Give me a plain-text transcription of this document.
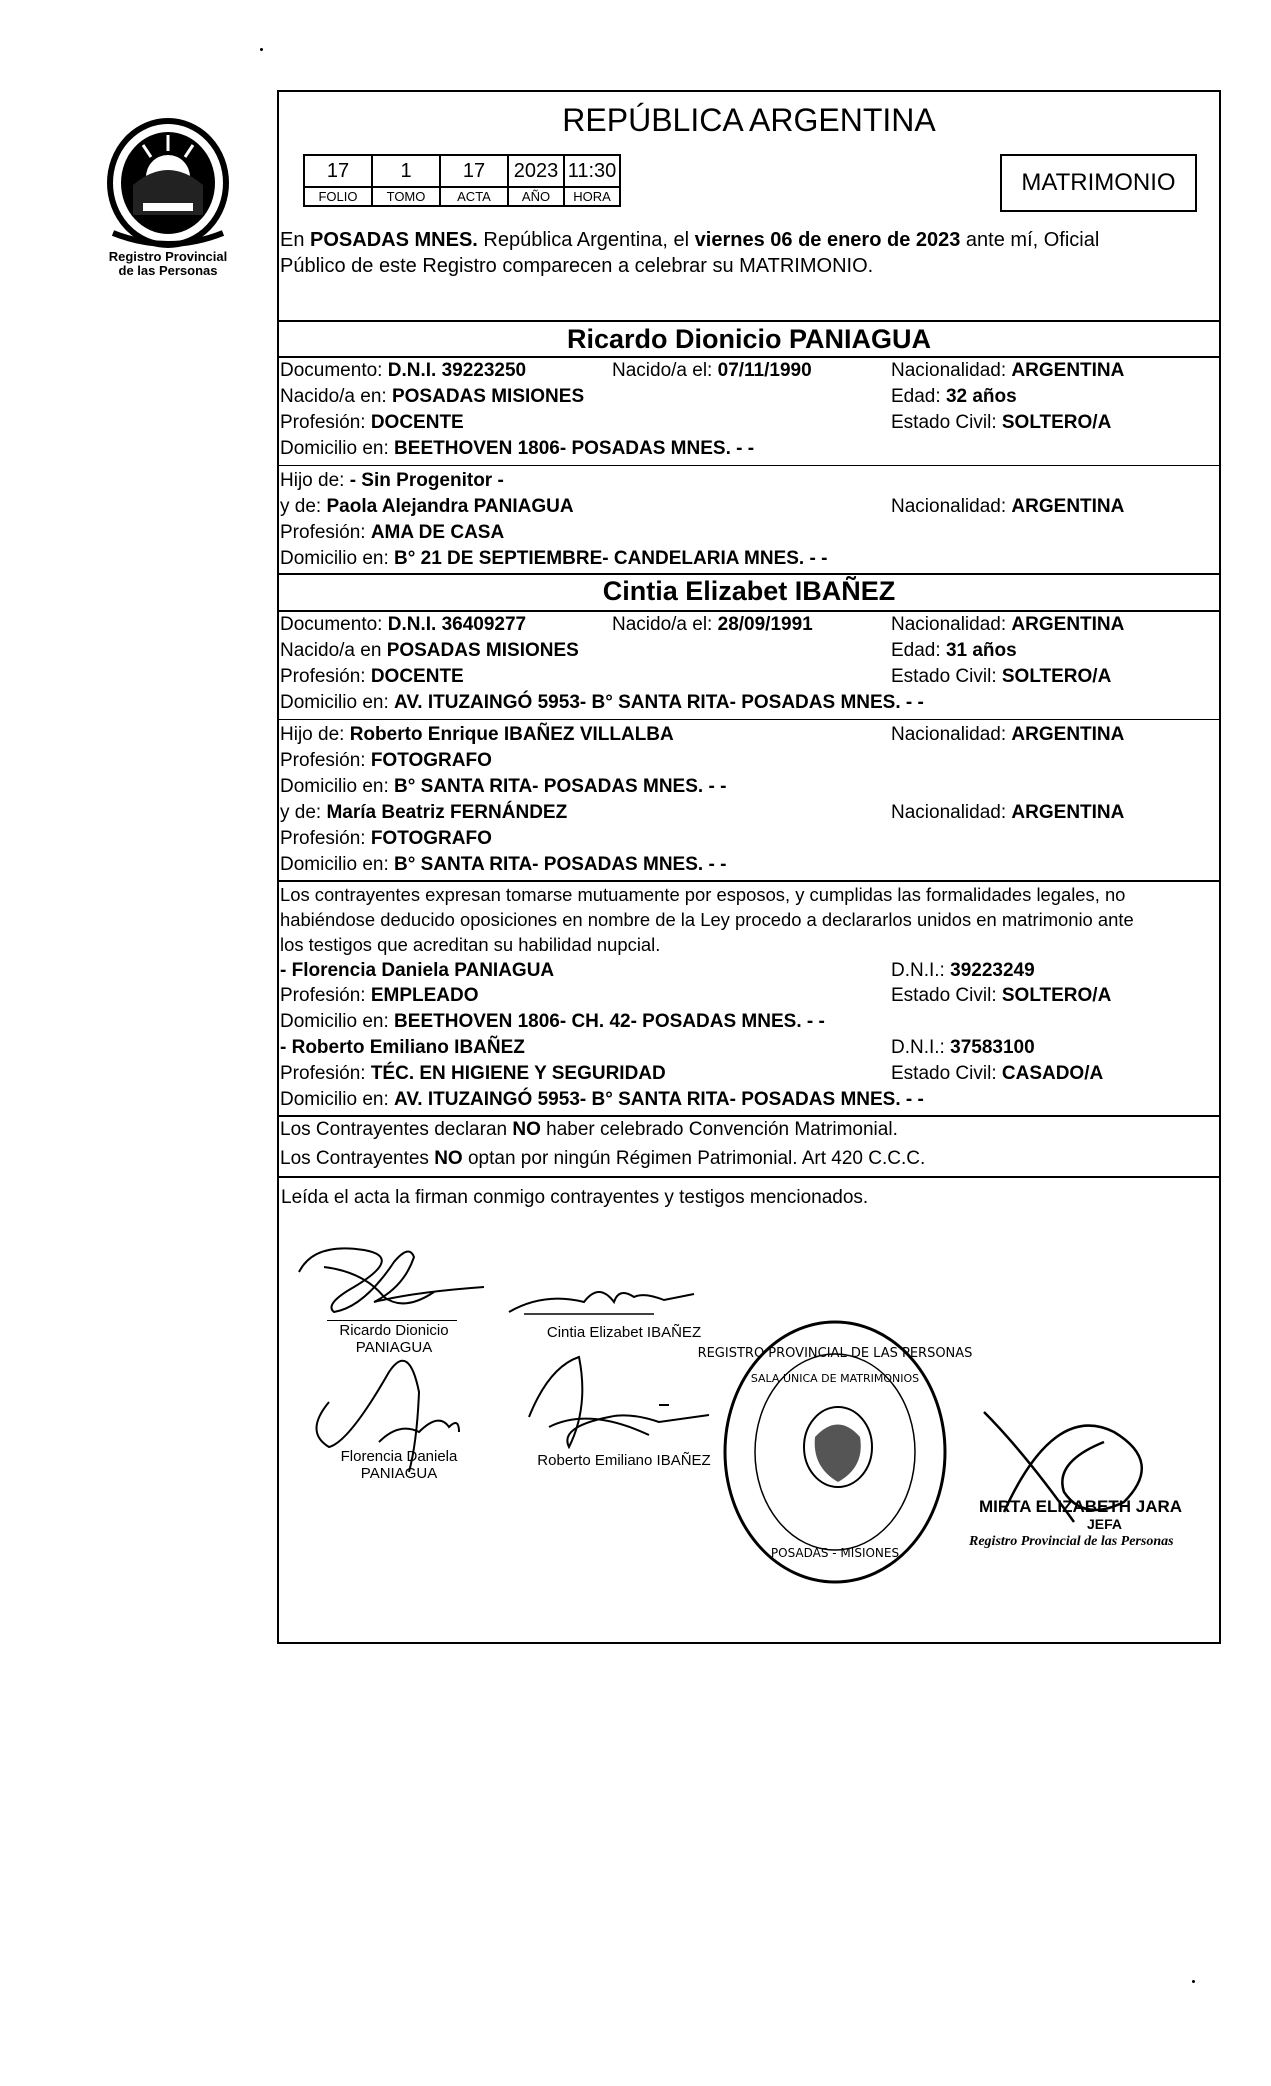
Registro Provincial
de las Personas
REPÚBLICA ARGENTINA
17	1	17	2023	11:30
FOLIO	TOMO	ACTA	AÑO	HORA
MATRIMONIO
En POSADAS MNES. República Argentina, el viernes 06 de enero de 2023 ante mí, Oficial
Público de este Registro comparecen a celebrar su MATRIMONIO.
Ricardo Dionicio PANIAGUA
Documento: D.N.I. 39223250	Nacido/a el: 07/11/1990	Nacionalidad: ARGENTINA
Nacido/a en: POSADAS MISIONES	Edad: 32 años
Profesión: DOCENTE	Estado Civil: SOLTERO/A
Domicilio en: BEETHOVEN 1806- POSADAS MNES. - -
Hijo de: - Sin Progenitor -
y de: Paola Alejandra PANIAGUA	Nacionalidad: ARGENTINA
Profesión: AMA DE CASA
Domicilio en: B° 21 DE SEPTIEMBRE- CANDELARIA MNES. - -
Cintia Elizabet IBAÑEZ
Documento: D.N.I. 36409277	Nacido/a el: 28/09/1991	Nacionalidad: ARGENTINA
Nacido/a en POSADAS MISIONES	Edad: 31 años
Profesión: DOCENTE	Estado Civil: SOLTERO/A
Domicilio en: AV. ITUZAINGÓ 5953- B° SANTA RITA- POSADAS MNES. - -
Hijo de: Roberto Enrique IBAÑEZ VILLALBA	Nacionalidad: ARGENTINA
Profesión: FOTOGRAFO
Domicilio en: B° SANTA RITA- POSADAS MNES. - -
y de: María Beatriz FERNÁNDEZ	Nacionalidad: ARGENTINA
Profesión: FOTOGRAFO
Domicilio en: B° SANTA RITA- POSADAS MNES. - -
Los contrayentes expresan tomarse mutuamente por esposos, y cumplidas las formalidades legales, no
habiéndose deducido oposiciones en nombre de la Ley procedo a declararlos unidos en matrimonio ante
los testigos que acreditan su habilidad nupcial.
- Florencia Daniela PANIAGUA	D.N.I.: 39223249
Profesión: EMPLEADO	Estado Civil: SOLTERO/A
Domicilio en: BEETHOVEN 1806- CH. 42- POSADAS MNES. - -
- Roberto Emiliano IBAÑEZ	D.N.I.: 37583100
Profesión: TÉC. EN HIGIENE Y SEGURIDAD	Estado Civil: CASADO/A
Domicilio en: AV. ITUZAINGÓ 5953- B° SANTA RITA- POSADAS MNES. - -
Los Contrayentes declaran NO haber celebrado Convención Matrimonial.
Los Contrayentes NO optan por ningún Régimen Patrimonial. Art 420 C.C.C.
Leída el acta la firman conmigo contrayentes y testigos mencionados.
Ricardo Dionicio
PANIAGUA
Cintia Elizabet IBAÑEZ
Florencia Daniela
PANIAGUA
Roberto Emiliano IBAÑEZ
REGISTRO PROVINCIAL DE LAS PERSONAS
SALA UNICA DE MATRIMONIOS
POSADAS - MISIONES
MIRTA ELIZABETH JARA
JEFA
Registro Provincial de las Personas
